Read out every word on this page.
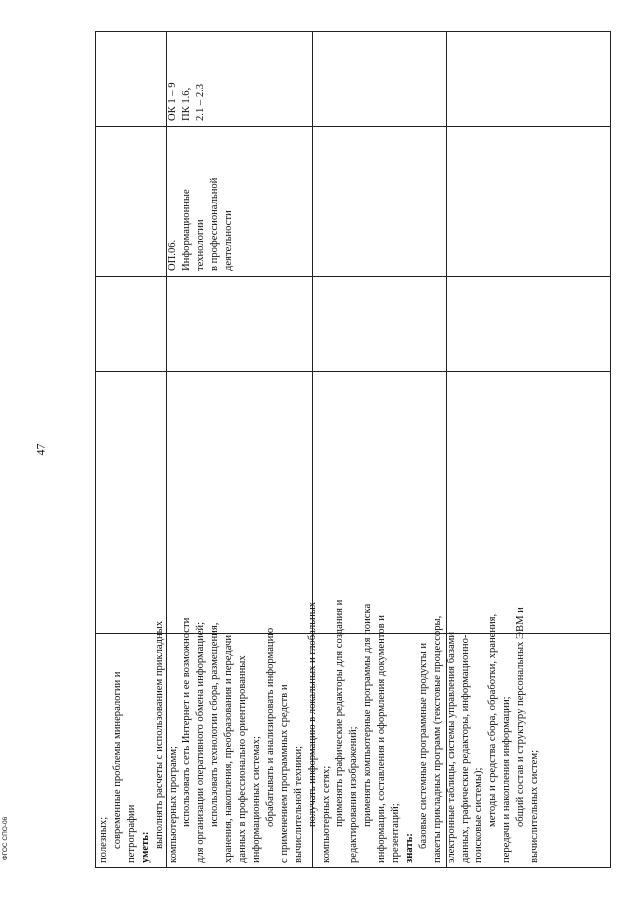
полезных; современные проблемы минералогии и петрографии уметь: выполнять расчеты с использованием прикладных компьютерных программ; использовать сеть Интернет и ее возможности для организации оперативного обмена информацией; использовать технологии сбора, размещения, хранения, накопления, преобразования и передачи данных в профессионально ориентированных информационных системах; обрабатывать и анализировать информацию с применением программных средств и вычислительной техники; получать информацию в локальных и глобальных компьютерных сетях; применять графические редакторы для создания и редактирования изображений; применять компьютерные программы для поиска информации, составления и оформления документов и презентаций; знать: базовые системные программные продукты и пакеты прикладных программ (текстовые процессоры, электронные таблицы, системы управления базами данных, графические редакторы, информационно- поисковые системы); методы и средства сбора, обработки, хранения, передачи и накопления информации; общий состав и структуру персональных ЭВМ и вычислительных систем;
ОП.06. Информационные технологии в профессиональной деятельности
ОК 1 – 9 ПК 1.6, 2.1 – 2.3
47
ФГОС СПО-06
